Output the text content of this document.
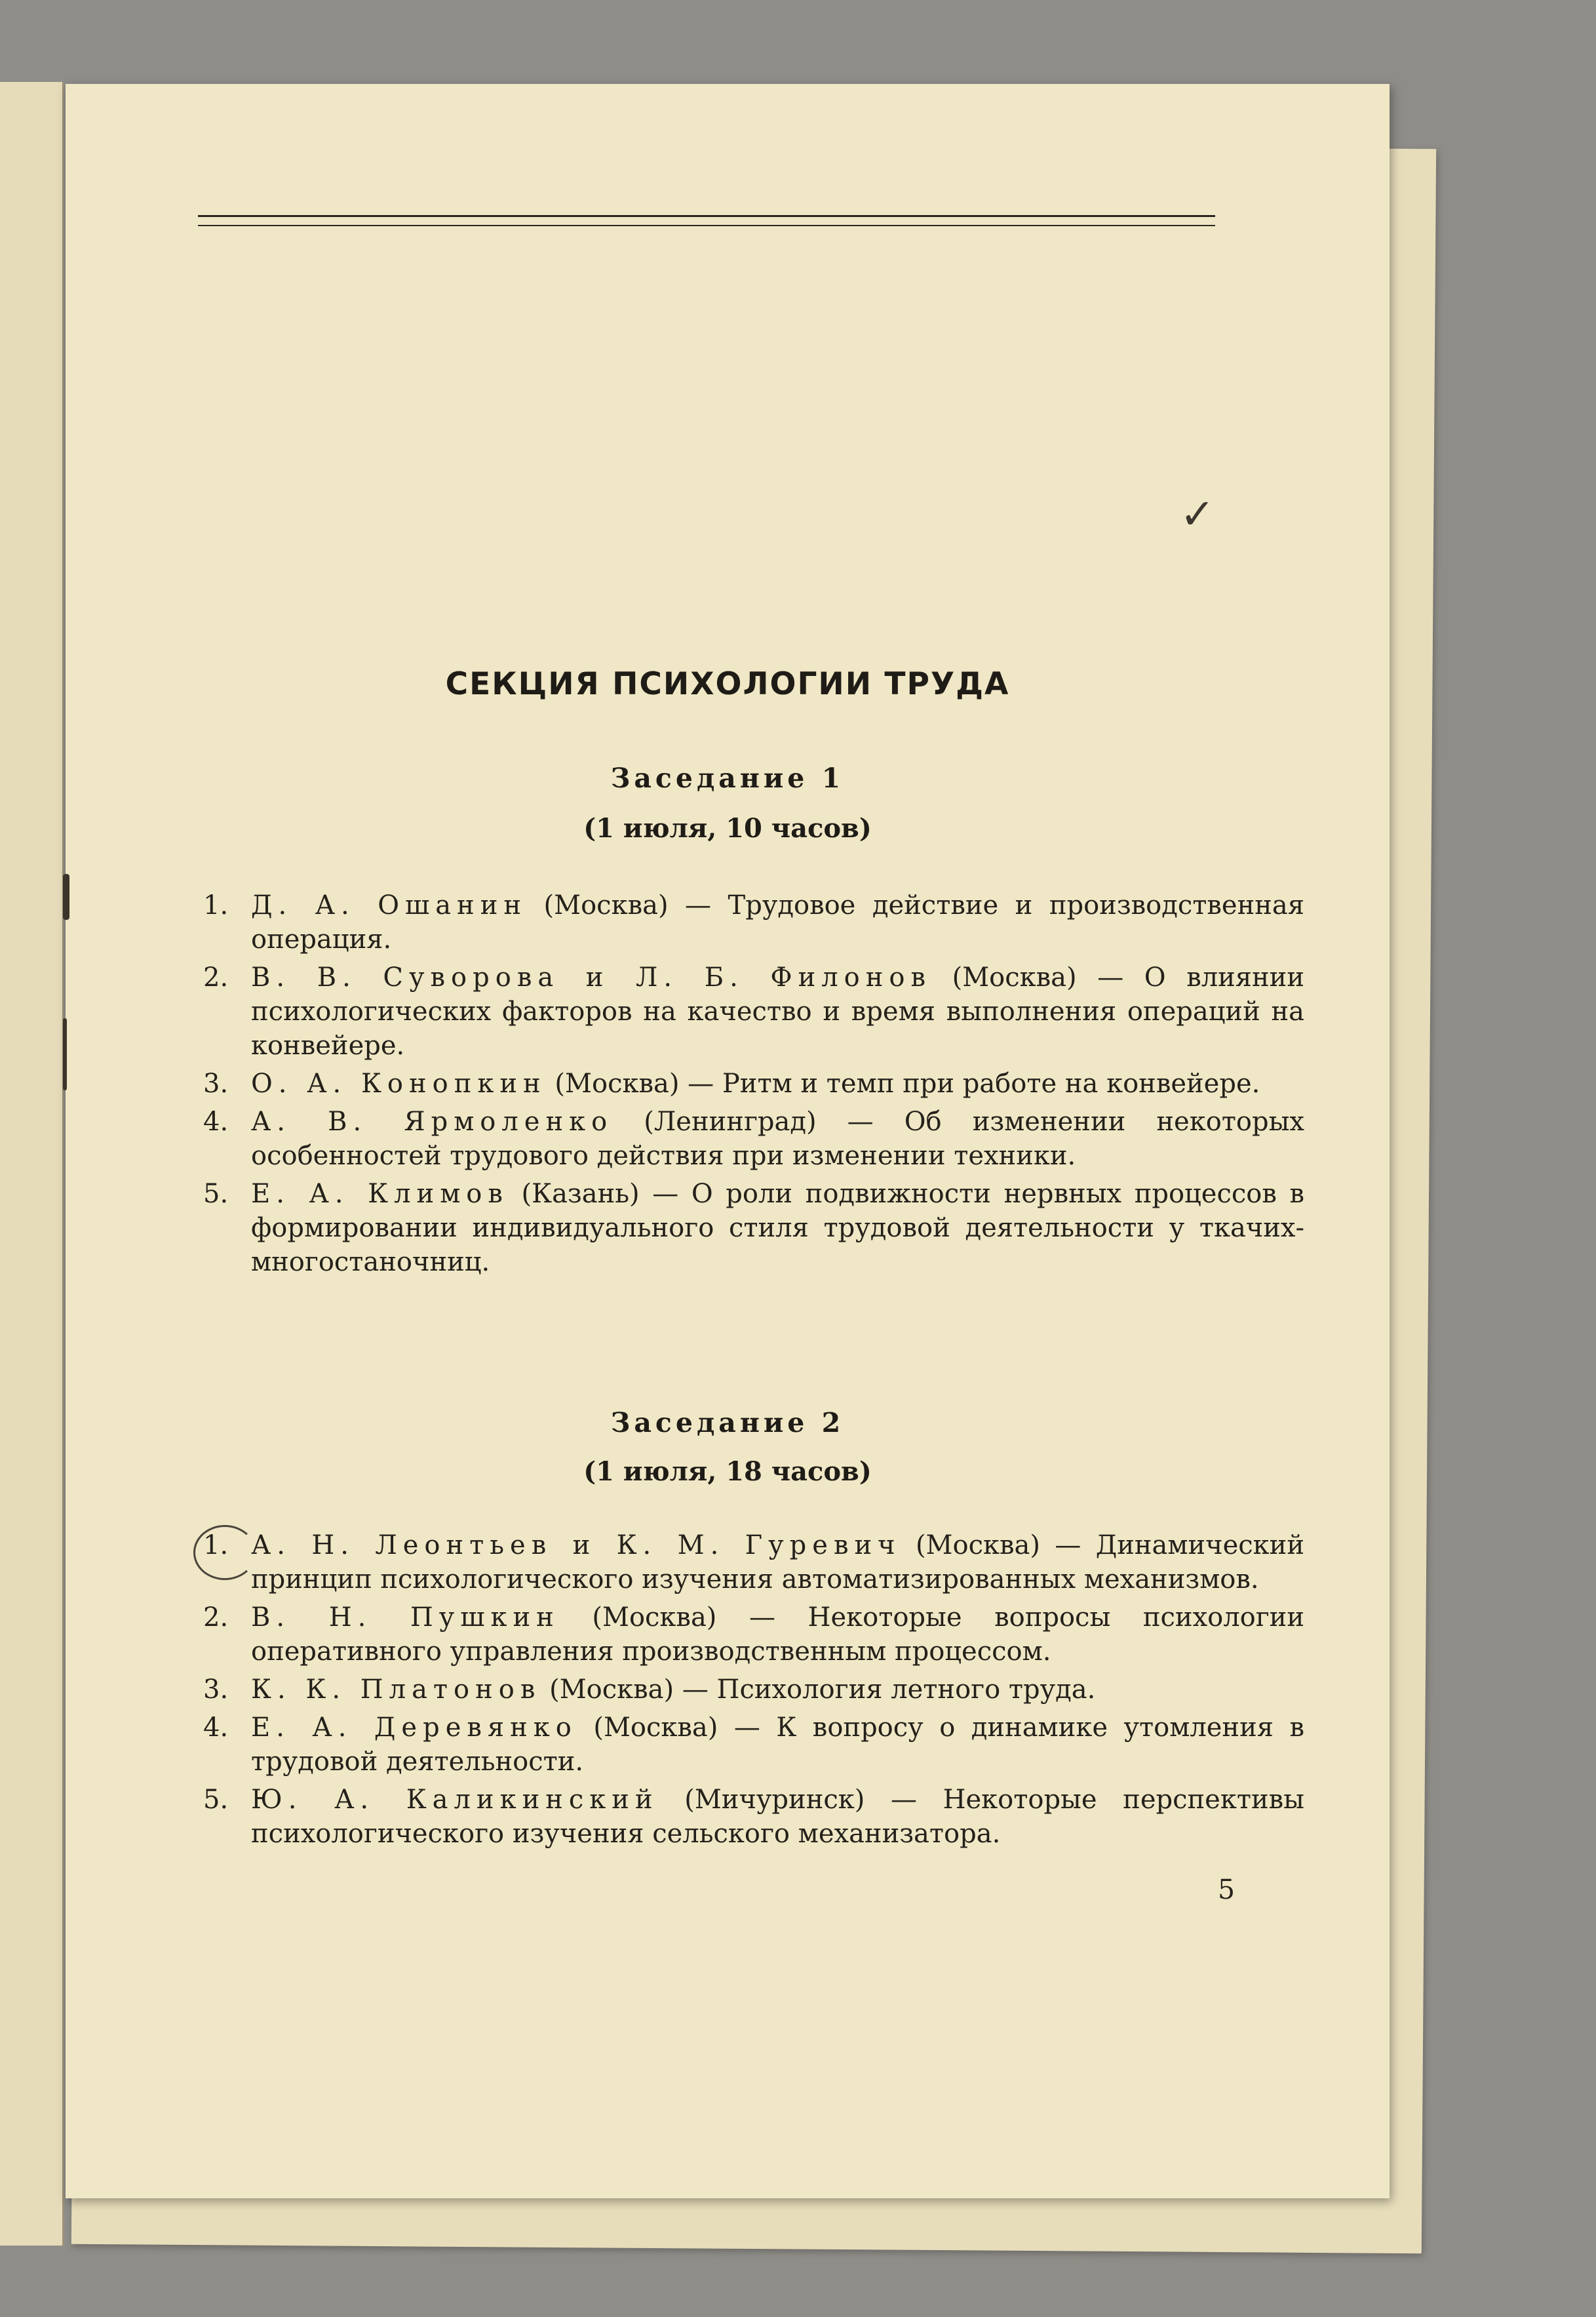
✓
СЕКЦИЯ ПСИХОЛОГИИ ТРУДА
Заседание 1
(1 июля, 10 часов)
1. Д. А. Ошанин (Москва) — Трудовое действие и производственная операция.
2. В. В. Суворова и Л. Б. Филонов (Москва) — О влиянии психологических факторов на качество и время выполнения операций на конвейере.
3. О. А. Конопкин (Москва) — Ритм и темп при работе на конвейере.
4. А. В. Ярмоленко (Ленинград) — Об изменении некоторых особенностей трудового действия при изменении техники.
5. Е. А. Климов (Казань) — О роли подвижности нервных процессов в формировании индивидуального стиля трудовой деятельности у ткачих-многостаночниц.
Заседание 2
(1 июля, 18 часов)
1. А. Н. Леонтьев и К. М. Гуревич (Москва) — Динамический принцип психологического изучения автоматизированных механизмов.
2. В. Н. Пушкин (Москва) — Некоторые вопросы психологии оперативного управления производственным процессом.
3. К. К. Платонов (Москва) — Психология летного труда.
4. Е. А. Деревянко (Москва) — К вопросу о динамике утомления в трудовой деятельности.
5. Ю. А. Каликинский (Мичуринск) — Некоторые перспективы психологического изучения сельского механизатора.
5
